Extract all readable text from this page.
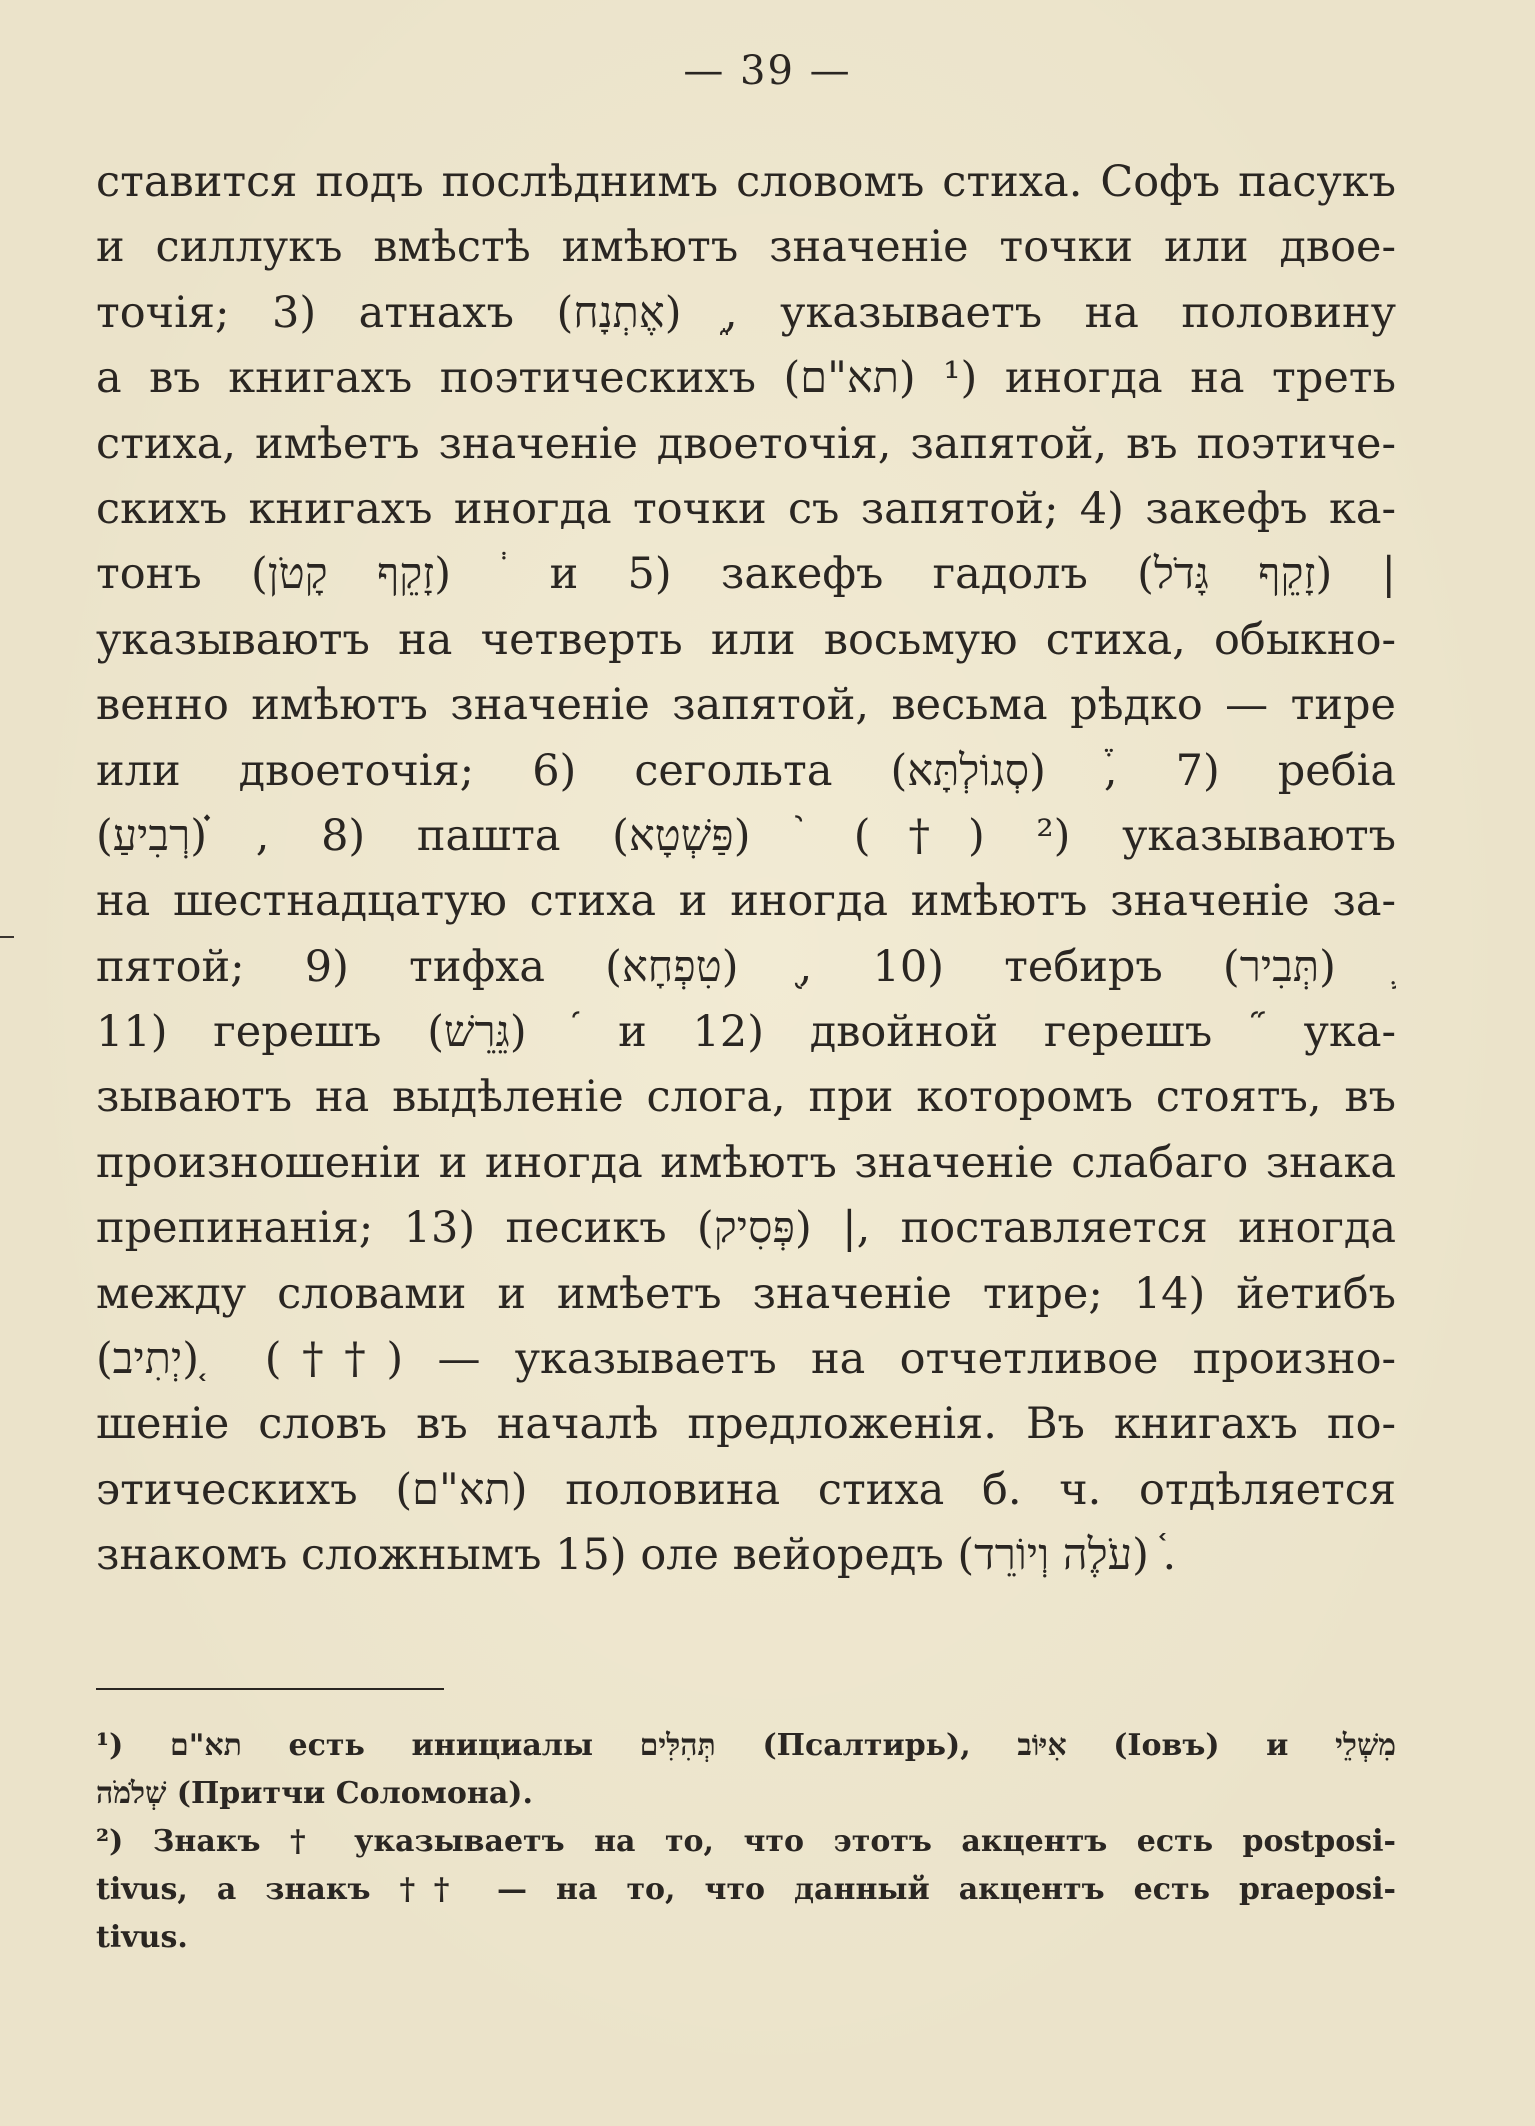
— 39 —
ставится подъ послѣднимъ словомъ стиха. Софъ пасукъ
и силлукъ вмѣстѣ имѣютъ значеніе точки или двое-
точія; 3) атнахъ (אֶתְנָח) ֑, указываетъ на половину
а въ книгахъ поэтическихъ (תא"ם) ¹) иногда на треть
стиха, имѣетъ значеніе двоеточія, запятой, въ поэтиче-
скихъ книгахъ иногда точки съ запятой; 4) закефъ ка-
тонъ (זָקֵף קָטֹן) ֔ и 5) закефъ гадолъ (זָקֵף גָּדֹל) |֕
указываютъ на четверть или восьмую стиха, обыкно-
венно имѣютъ значеніе запятой, весьма рѣдко — тире
или двоеточія; 6) сегольта (סְגוֹלְתָּא) ֒, 7) ребіа
(רְבִיעַ) ֗, 8) пашта (פַּשְׁטָא) ֙ (†) ²) указываютъ
на шестнадцатую стиха и иногда имѣютъ значеніе за-
пятой; 9) тифха (טִפְחָא) ֖, 10) тебиръ (תְּבִיר) ֛
11) герешъ (גֵּרֵשׁ) ֜ и 12) двойной герешъ ֞ ука-
зываютъ на выдѣленіе слога, при которомъ стоятъ, въ
произношеніи и иногда имѣютъ значеніе слабаго знака
препинанія; 13) песикъ (פְּסִיק) |, поставляется иногда
между словами и имѣетъ значеніе тире; 14) йетибъ
(יְתִיב) ֚ (††) — указываетъ на отчетливое произно-
шеніе словъ въ началѣ предложенія. Въ книгахъ по-
этическихъ (תא"ם) половина стиха б. ч. отдѣляется
знакомъ сложнымъ 15) оле вейоредъ (עֹלֶה וְיוֹרֵד) ֫.
¹) תא"ם есть инициалы תְּהִלִּים (Псалтирь), אִיּוֹב (Іовъ) и מִשְׁלֵי
שְׁלֹמֹה (Притчи Соломона).
²) Знакъ † указываетъ на то, что этотъ акцентъ есть postposi-
tivus, а знакъ †† — на то, что данный акцентъ есть praeposi-
tivus.
